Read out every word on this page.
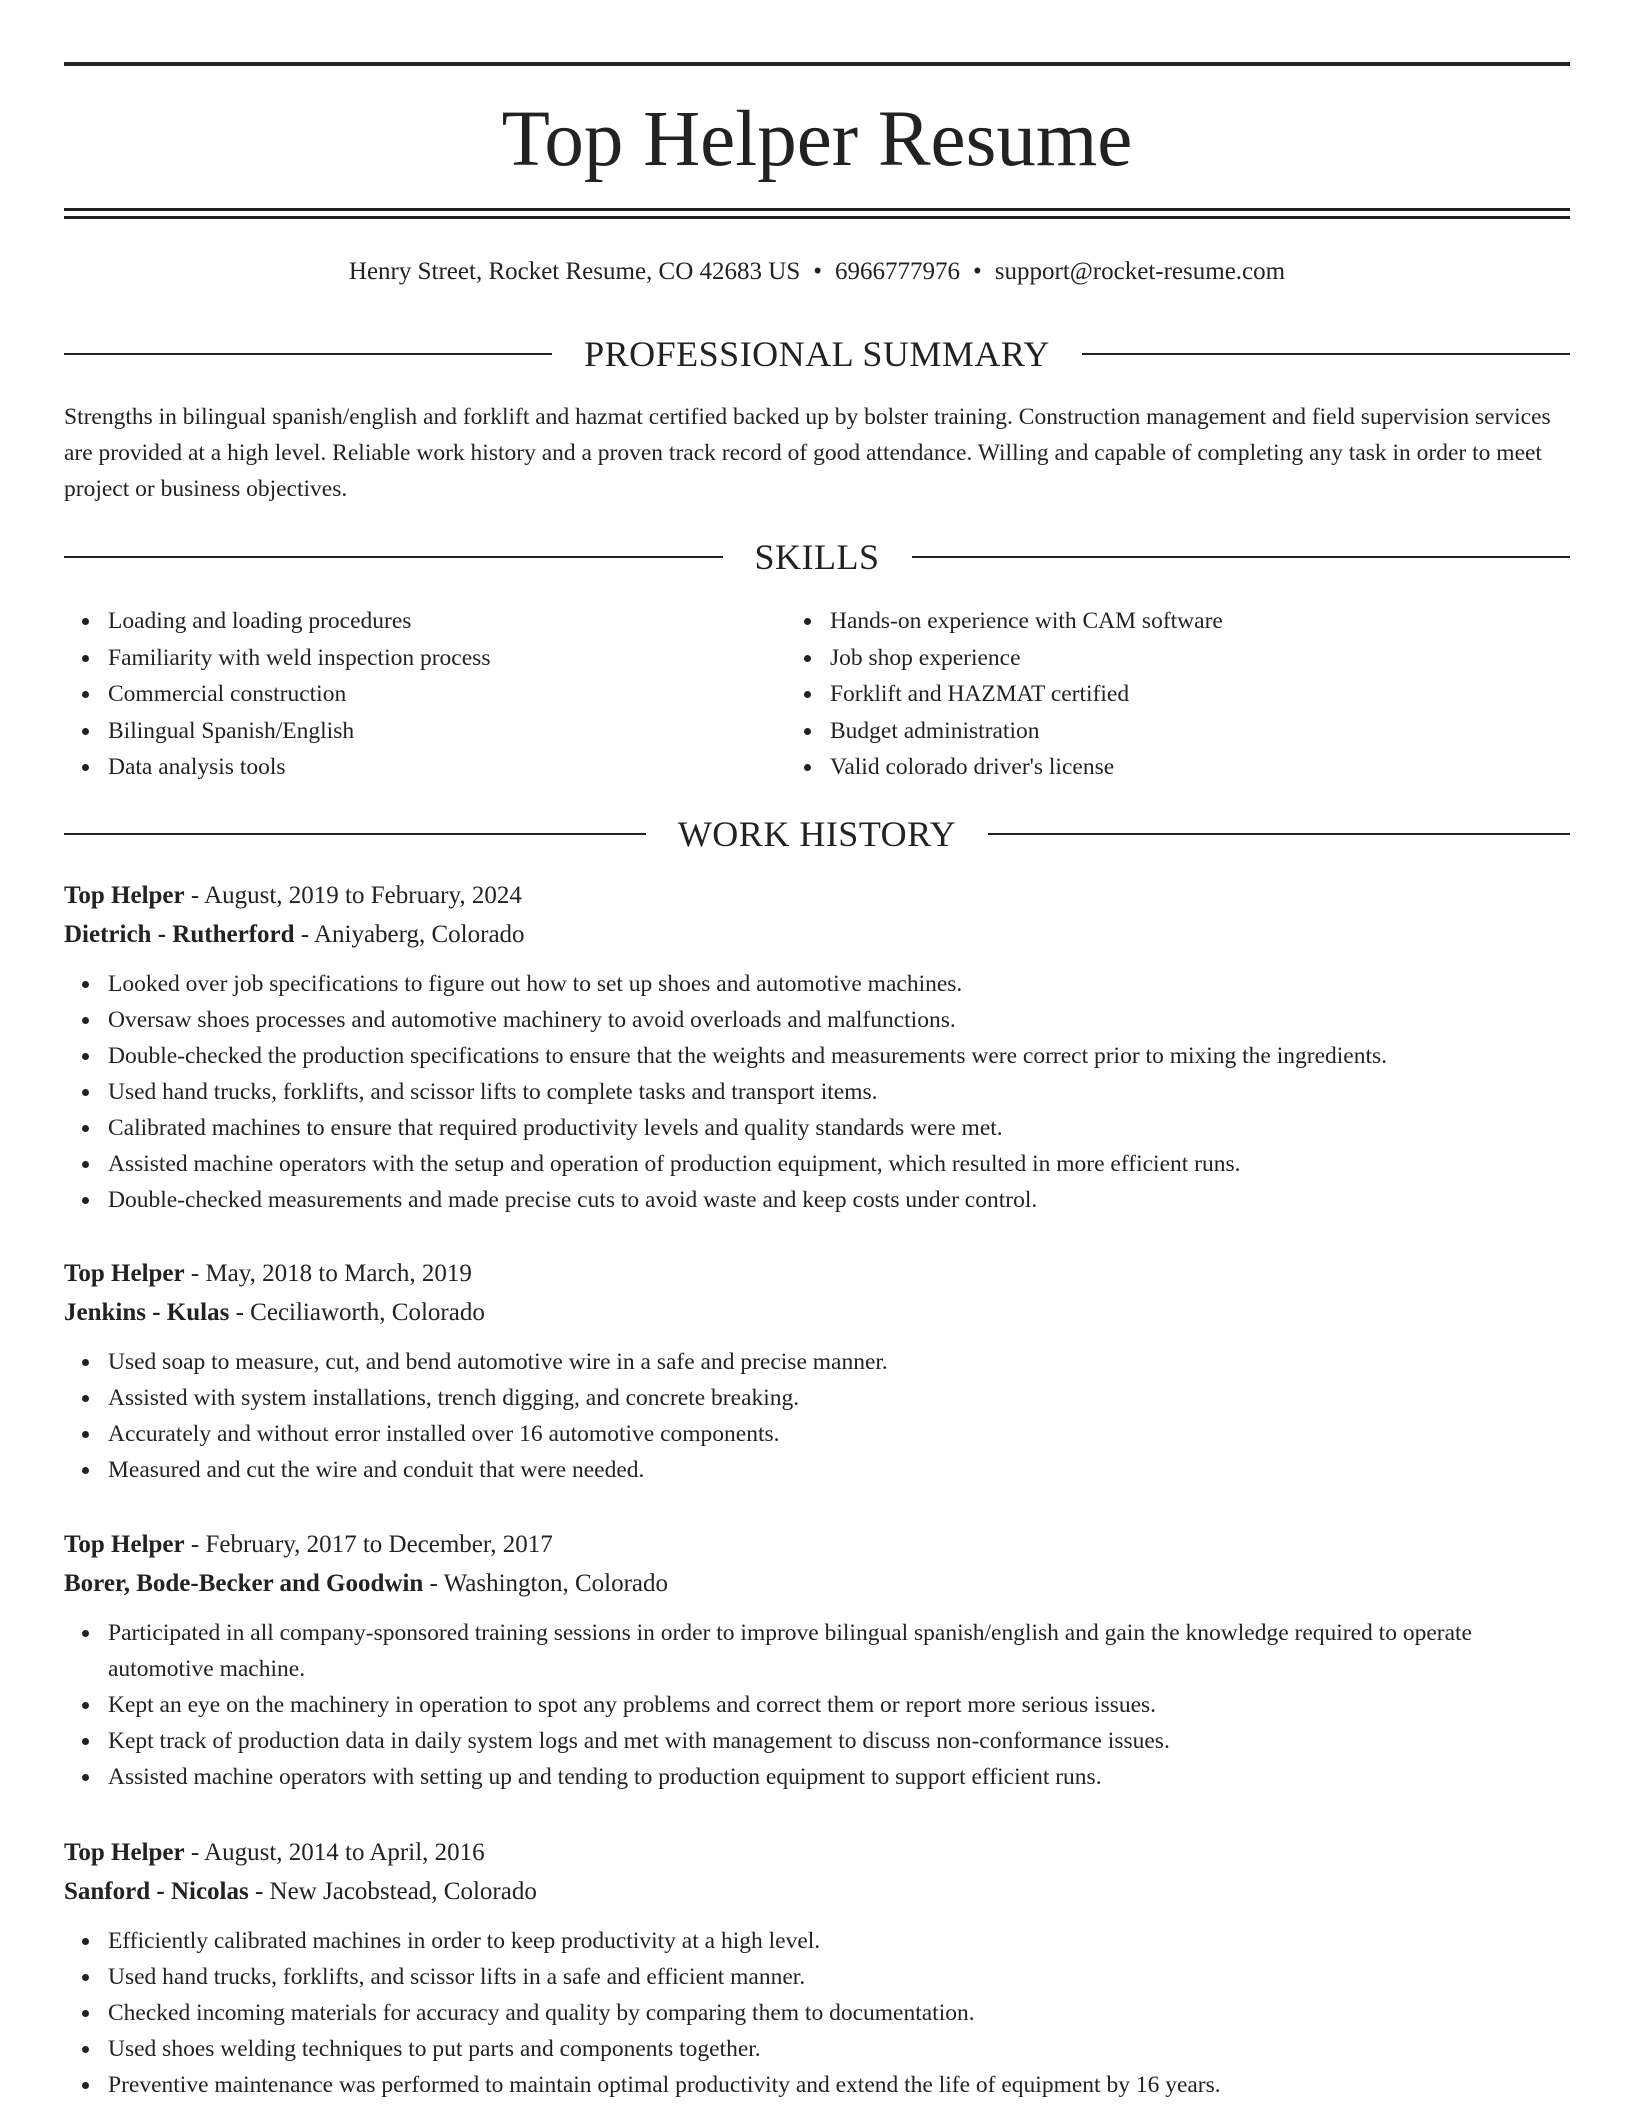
Top Helper Resume
Henry Street, Rocket Resume, CO 42683 US • 6966777976 • support@rocket-resume.com
PROFESSIONAL SUMMARY

Strengths in bilingual spanish/english and forklift and hazmat certified backed up by bolster training. Construction management and field supervision services are provided at a high level. Reliable work history and a proven track record of good attendance. Willing and capable of completing any task in order to meet project or business objectives.

SKILLS
Loading and loading procedures
Familiarity with weld inspection process
Commercial construction
Bilingual Spanish/English
Data analysis tools
Hands-on experience with CAM software
Job shop experience
Forklift and HAZMAT certified
Budget administration
Valid colorado driver's license
WORK HISTORY
Top Helper - August, 2019 to February, 2024
Dietrich - Rutherford - Aniyaberg, Colorado
Looked over job specifications to figure out how to set up shoes and automotive machines.
Oversaw shoes processes and automotive machinery to avoid overloads and malfunctions.
Double-checked the production specifications to ensure that the weights and measurements were correct prior to mixing the ingredients.
Used hand trucks, forklifts, and scissor lifts to complete tasks and transport items.
Calibrated machines to ensure that required productivity levels and quality standards were met.
Assisted machine operators with the setup and operation of production equipment, which resulted in more efficient runs.
Double-checked measurements and made precise cuts to avoid waste and keep costs under control.
Top Helper - May, 2018 to March, 2019
Jenkins - Kulas - Ceciliaworth, Colorado
Used soap to measure, cut, and bend automotive wire in a safe and precise manner.
Assisted with system installations, trench digging, and concrete breaking.
Accurately and without error installed over 16 automotive components.
Measured and cut the wire and conduit that were needed.
Top Helper - February, 2017 to December, 2017
Borer, Bode-Becker and Goodwin - Washington, Colorado
Participated in all company-sponsored training sessions in order to improve bilingual spanish/english and gain the knowledge required to operate automotive machine.
Kept an eye on the machinery in operation to spot any problems and correct them or report more serious issues.
Kept track of production data in daily system logs and met with management to discuss non-conformance issues.
Assisted machine operators with setting up and tending to production equipment to support efficient runs.
Top Helper - August, 2014 to April, 2016
Sanford - Nicolas - New Jacobstead, Colorado
Efficiently calibrated machines in order to keep productivity at a high level.
Used hand trucks, forklifts, and scissor lifts in a safe and efficient manner.
Checked incoming materials for accuracy and quality by comparing them to documentation.
Used shoes welding techniques to put parts and components together.
Preventive maintenance was performed to maintain optimal productivity and extend the life of equipment by 16 years.
